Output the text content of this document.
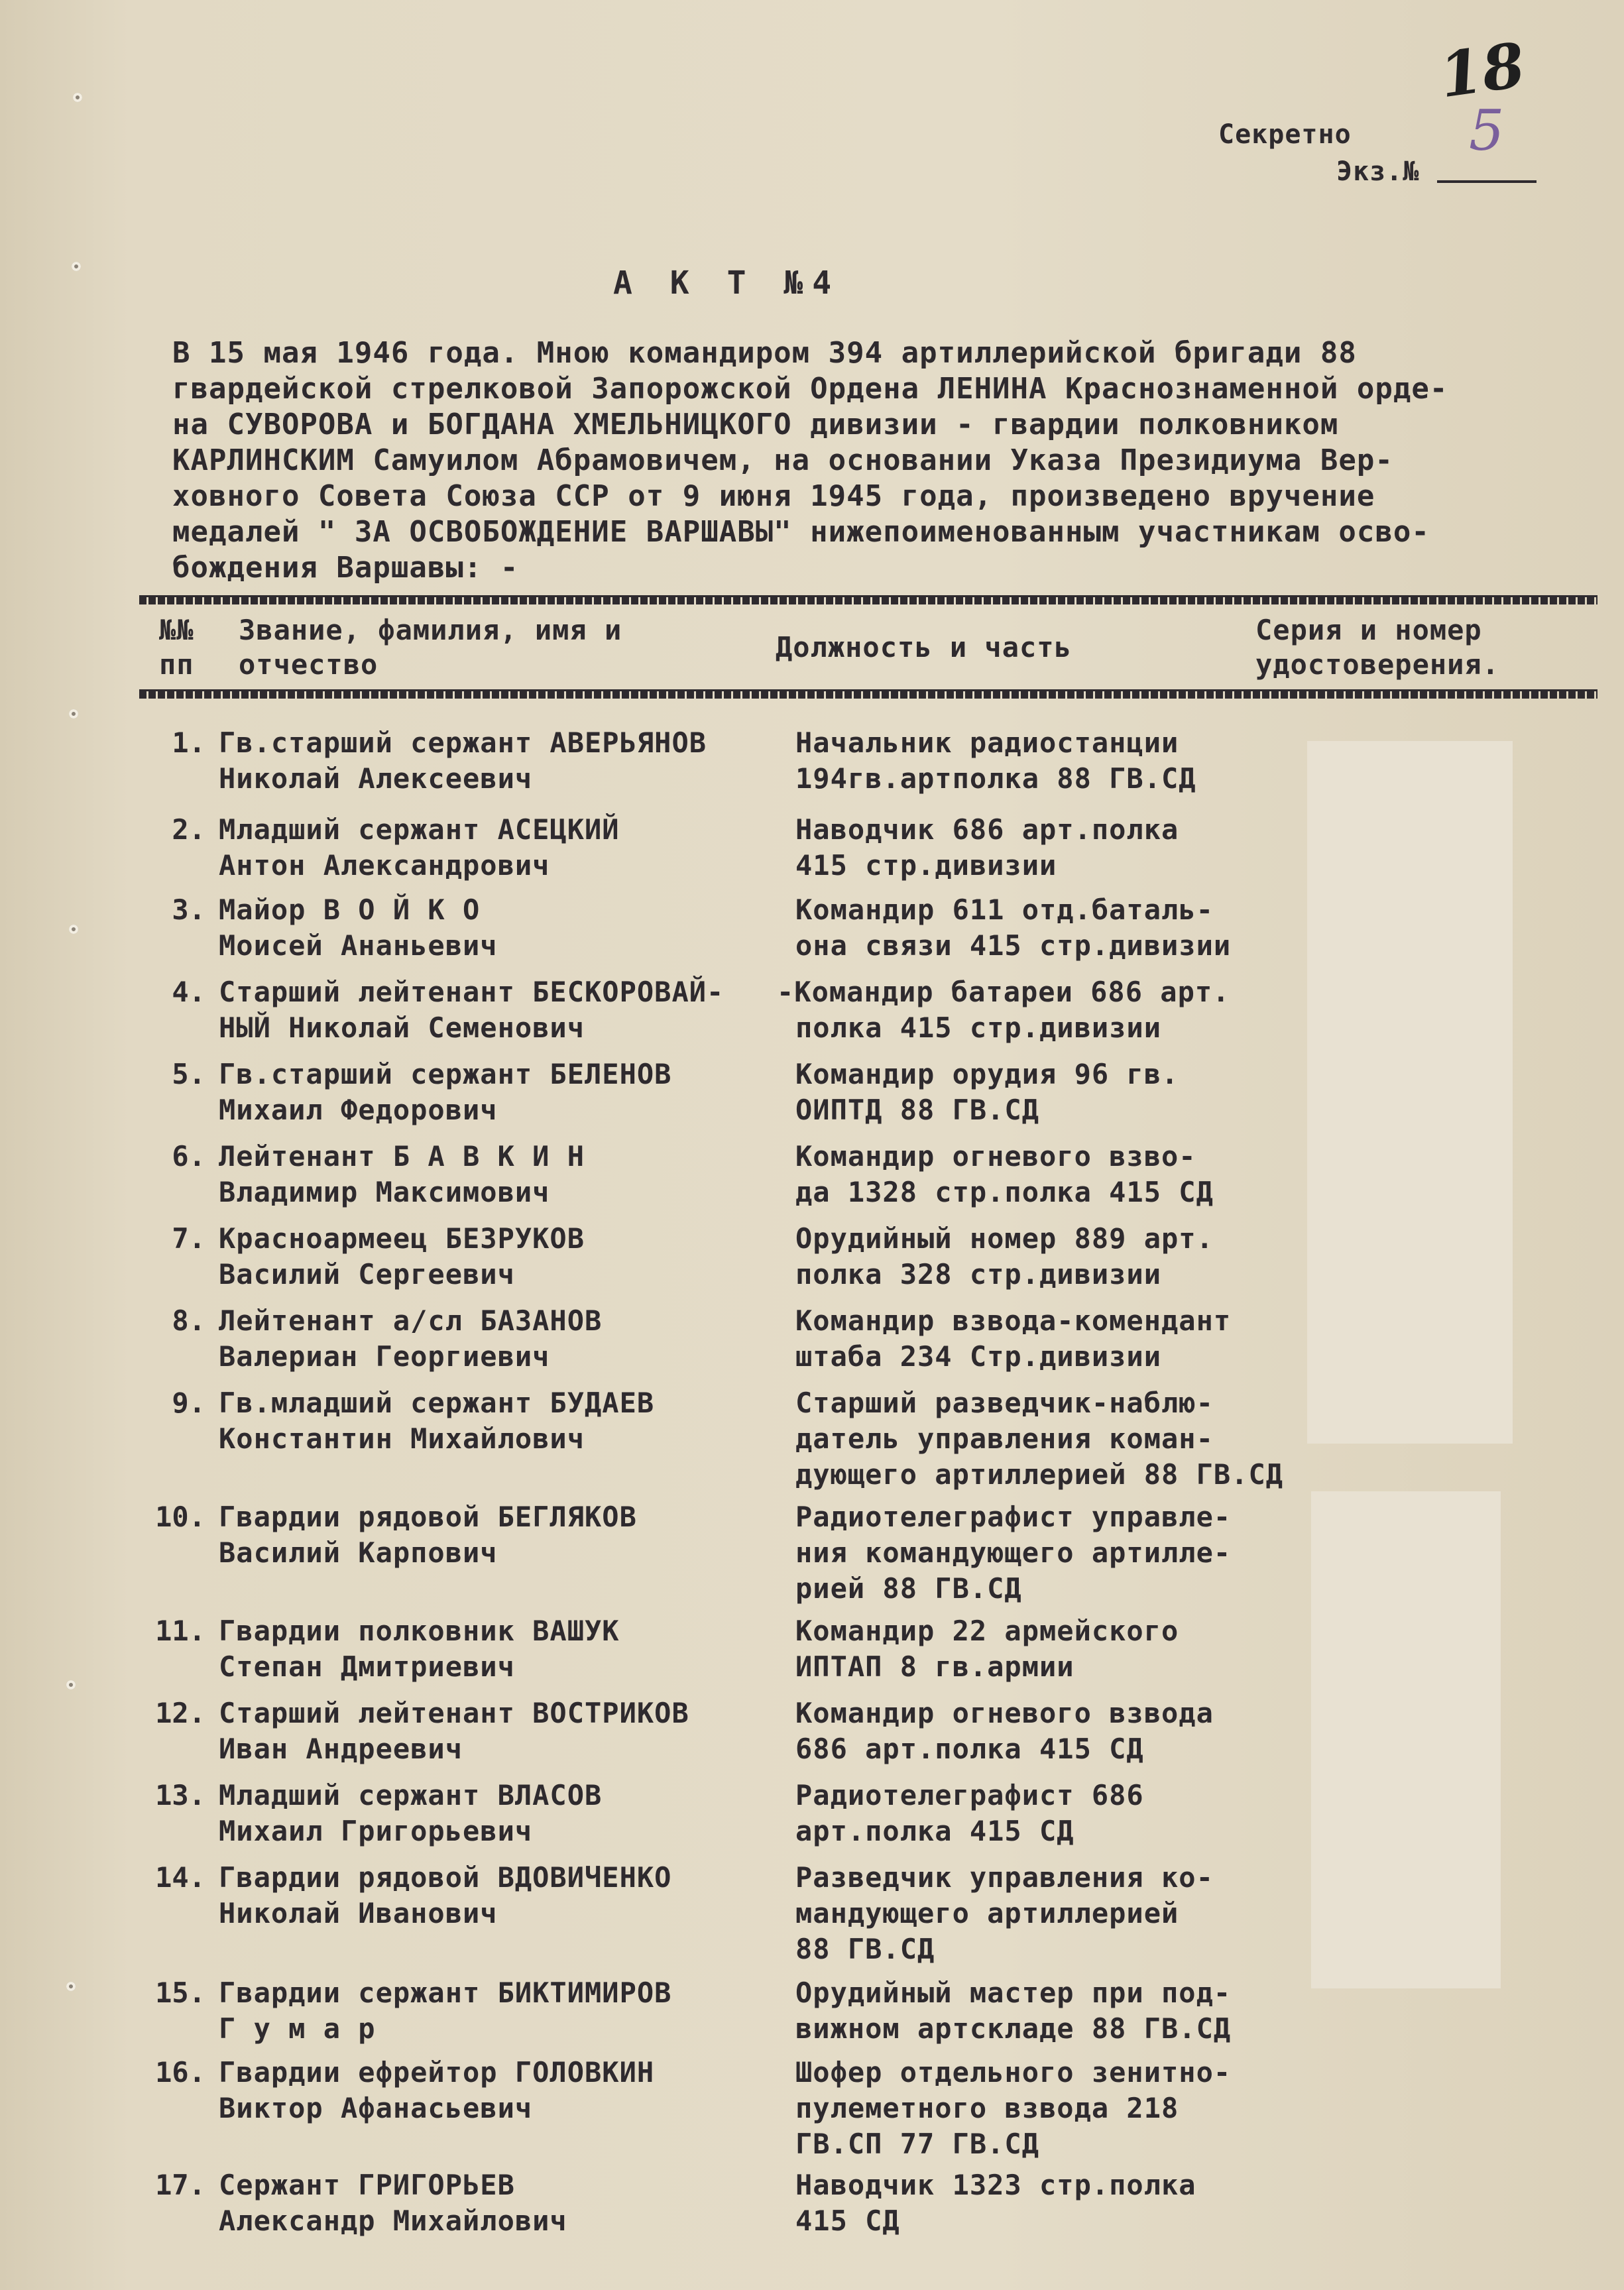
18
5
Секретно
Экз.№
А К Т №4
В 15 мая 1946 года. Мною командиром 394 артиллерийской бригади 88
гвардейской стрелковой Запорожской Ордена ЛЕНИНА Краснознаменной орде-
на СУВОРОВА и БОГДАНА ХМЕЛЬНИЦКОГО дивизии - гвардии полковником
КАРЛИНСКИМ Самуилом Абрамовичем, на основании Указа Президиума Вер-
ховного Совета Союза ССР от 9 июня 1945 года, произведено вручение
медалей " ЗА ОСВОБОЖДЕНИЕ ВАРШАВЫ" нижепоименованным участникам осво-
бождения Варшавы: -
№№
пп
Звание, фамилия, имя и
отчество
Должность и часть
Серия и номер
удостоверения.
1. Гв.старший сержант АВЕРЬЯНОВ
Николай Алексеевич
Начальник радиостанции
194гв.артполка 88 ГВ.СД
2. Младший сержант АСЕЦКИЙ
Антон Александрович
Наводчик 686 арт.полка
415 стр.дивизии
3. Майор В О Й К О
Моисей Ананьевич
Командир 611 отд.баталь-
она связи 415 стр.дивизии
4. Старший лейтенант БЕСКОРОВАЙ-
НЫЙ Николай Семенович
-Командир батареи 686 арт.
полка 415 стр.дивизии
5. Гв.старший сержант БЕЛЕНОВ
Михаил Федорович
Командир орудия 96 гв.
ОИПТД 88 ГВ.СД
6. Лейтенант Б А В К И Н
Владимир Максимович
Командир огневого взво-
да 1328 стр.полка 415 СД
7. Красноармеец БЕЗРУКОВ
Василий Сергеевич
Орудийный номер 889 арт.
полка 328 стр.дивизии
8. Лейтенант а/сл БАЗАНОВ
Валериан Георгиевич
Командир взвода-комендант
штаба 234 Стр.дивизии
9. Гв.младший сержант БУДАЕВ
Константин Михайлович
Старший разведчик-наблю-
датель управления коман-
дующего артиллерией 88 ГВ.СД
10. Гвардии рядовой БЕГЛЯКОВ
Василий Карпович
Радиотелеграфист управле-
ния командующего артилле-
рией 88 ГВ.СД
11. Гвардии полковник ВАШУК
Степан Дмитриевич
Командир 22 армейского
ИПТАП 8 гв.армии
12. Старший лейтенант ВОСТРИКОВ
Иван Андреевич
Командир огневого взвода
686 арт.полка 415 СД
13. Младший сержант ВЛАСОВ
Михаил Григорьевич
Радиотелеграфист 686
арт.полка 415 СД
14. Гвардии рядовой ВДОВИЧЕНКО
Николай Иванович
Разведчик управления ко-
мандующего артиллерией
88 ГВ.СД
15. Гвардии сержант БИКТИМИРОВ
Г у м а р
Орудийный мастер при под-
вижном артскладе 88 ГВ.СД
16. Гвардии ефрейтор ГОЛОВКИН
Виктор Афанасьевич
Шофер отдельного зенитно-
пулеметного взвода 218
ГВ.СП 77 ГВ.СД
17. Сержант ГРИГОРЬЕВ
Александр Михайлович
Наводчик 1323 стр.полка
415 СД
